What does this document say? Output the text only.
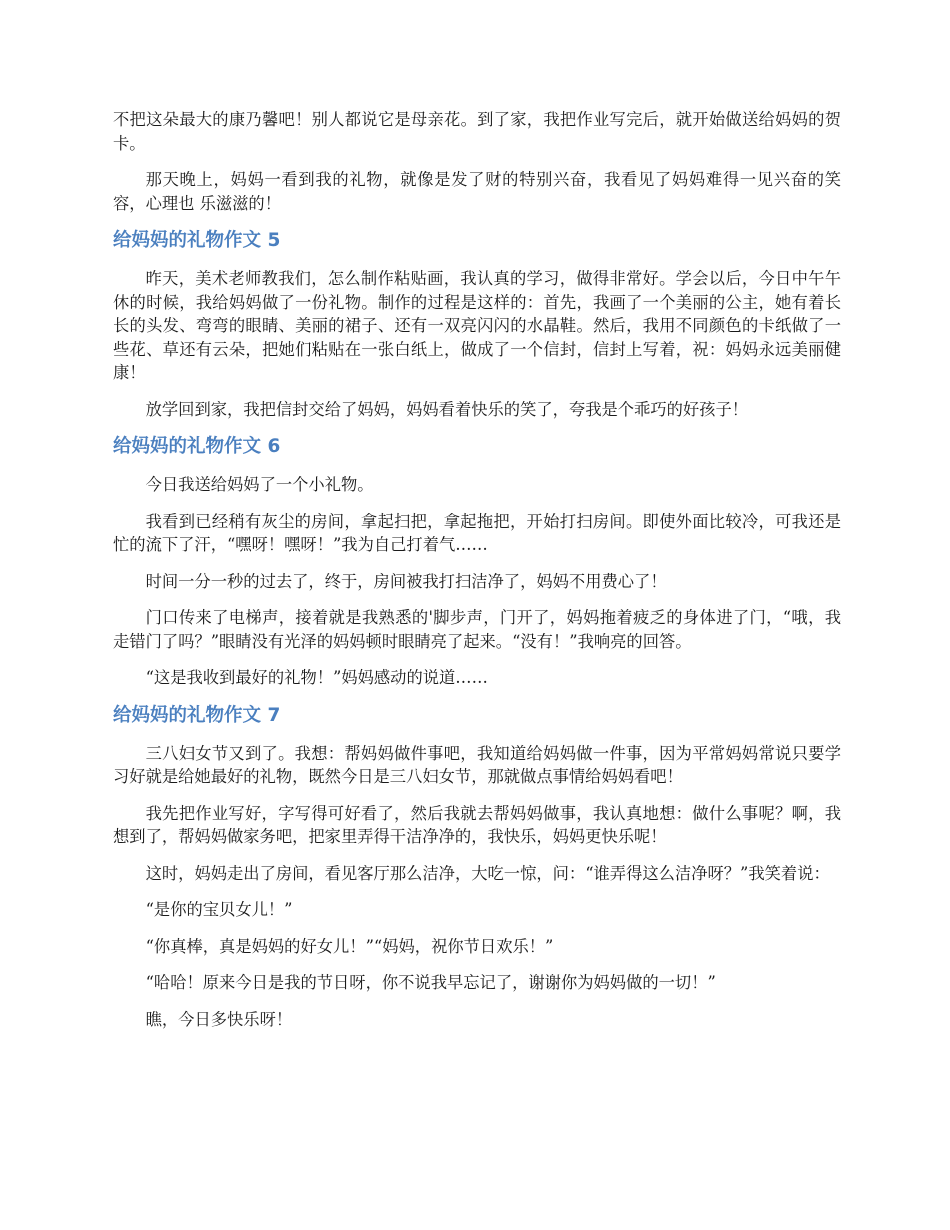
不把这朵最大的康乃馨吧！别人都说它是母亲花。到了家，我把作业写完后，就开始做送给妈妈的贺卡。

那天晚上，妈妈一看到我的礼物，就像是发了财的特别兴奋，我看见了妈妈难得一见兴奋的笑容，心理也 乐滋滋的！

给妈妈的礼物作文 5

昨天，美术老师教我们，怎么制作粘贴画，我认真的学习，做得非常好。学会以后，今日中午午休的时候，我给妈妈做了一份礼物。制作的过程是这样的：首先，我画了一个美丽的公主，她有着长长的头发、弯弯的眼睛、美丽的裙子、还有一双亮闪闪的水晶鞋。然后，我用不同颜色的卡纸做了一些花、草还有云朵，把她们粘贴在一张白纸上，做成了一个信封，信封上写着，祝：妈妈永远美丽健康！

放学回到家，我把信封交给了妈妈，妈妈看着快乐的笑了，夸我是个乖巧的好孩子！

给妈妈的礼物作文 6

今日我送给妈妈了一个小礼物。

我看到已经稍有灰尘的房间，拿起扫把，拿起拖把，开始打扫房间。即使外面比较冷，可我还是忙的流下了汗，“嘿呀！嘿呀！”我为自己打着气……

时间一分一秒的过去了，终于，房间被我打扫洁净了，妈妈不用费心了！

门口传来了电梯声，接着就是我熟悉的'脚步声，门开了，妈妈拖着疲乏的身体进了门，“哦，我走错门了吗？”眼睛没有光泽的妈妈顿时眼睛亮了起来。“没有！”我响亮的回答。

“这是我收到最好的礼物！”妈妈感动的说道……

给妈妈的礼物作文 7

三八妇女节又到了。我想：帮妈妈做件事吧，我知道给妈妈做一件事，因为平常妈妈常说只要学习好就是给她最好的礼物，既然今日是三八妇女节，那就做点事情给妈妈看吧！

我先把作业写好，字写得可好看了，然后我就去帮妈妈做事，我认真地想：做什么事呢？啊，我想到了，帮妈妈做家务吧，把家里弄得干洁净净的，我快乐，妈妈更快乐呢！

这时，妈妈走出了房间，看见客厅那么洁净，大吃一惊，问：“谁弄得这么洁净呀？”我笑着说：

“是你的宝贝女儿！”

“你真棒，真是妈妈的好女儿！”“妈妈，祝你节日欢乐！”

“哈哈！原来今日是我的节日呀，你不说我早忘记了，谢谢你为妈妈做的一切！”

瞧，今日多快乐呀！
